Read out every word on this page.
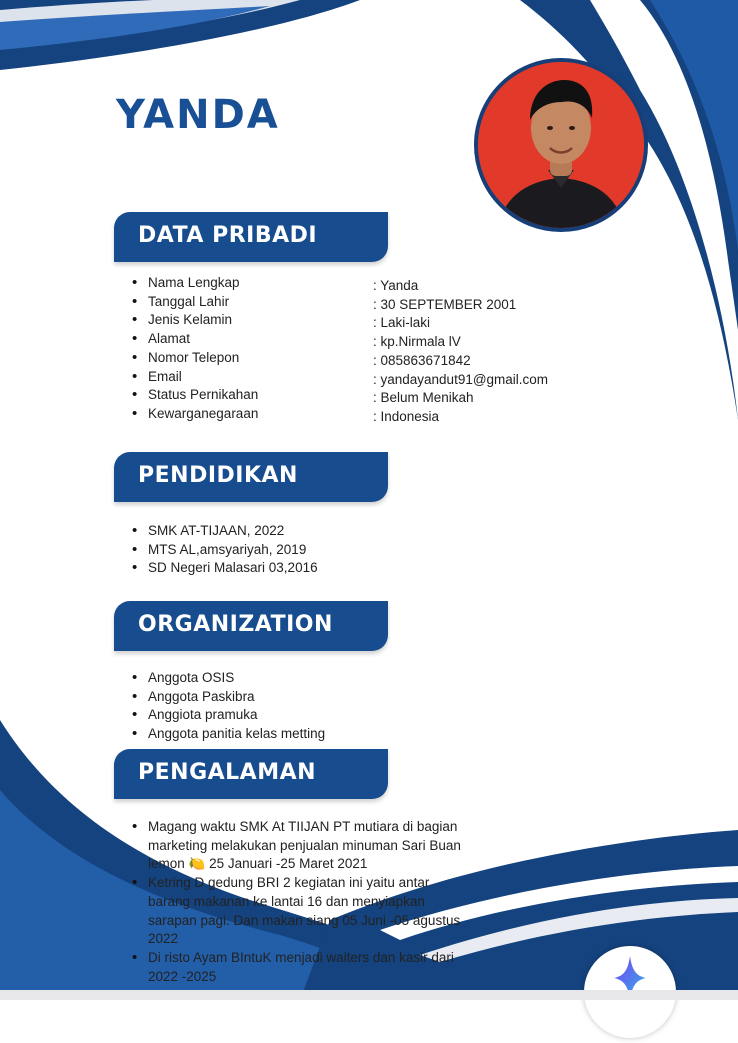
YANDA
DATA PRIBADI
• Nama Lengkap
• Tanggal Lahir
• Jenis Kelamin
• Alamat
• Nomor Telepon
• Email
• Status Pernikahan
• Kewarganegaraan
: Yanda
: 30 SEPTEMBER 2001
: Laki-laki
: kp.Nirmala lV
: 085863671842
: yandayandut91@gmail.com
: Belum Menikah
: Indonesia
PENDIDIKAN
• SMK AT-TIJAAN, 2022
• MTS AL,amsyariyah, 2019
• SD Negeri Malasari 03,2016
ORGANIZATION
• Anggota OSIS
• Anggota Paskibra
• Anggiota pramuka
• Anggota panitia kelas metting
PENGALAMAN
• Magang waktu SMK At TIIJAN PT mutiara di bagian marketing melakukan penjualan minuman Sari Buan lemon 🍋 25 Januari -25 Maret 2021
• Ketring D gedung BRI 2 kegiatan ini yaitu antar barang makanan ke lantai 16 dan menyiapkan sarapan pagi. Dan makan siang 05 Juni -05 agustus 2022
• Di risto Ayam BIntuK menjadi waiters dan kasir dari 2022 -2025
